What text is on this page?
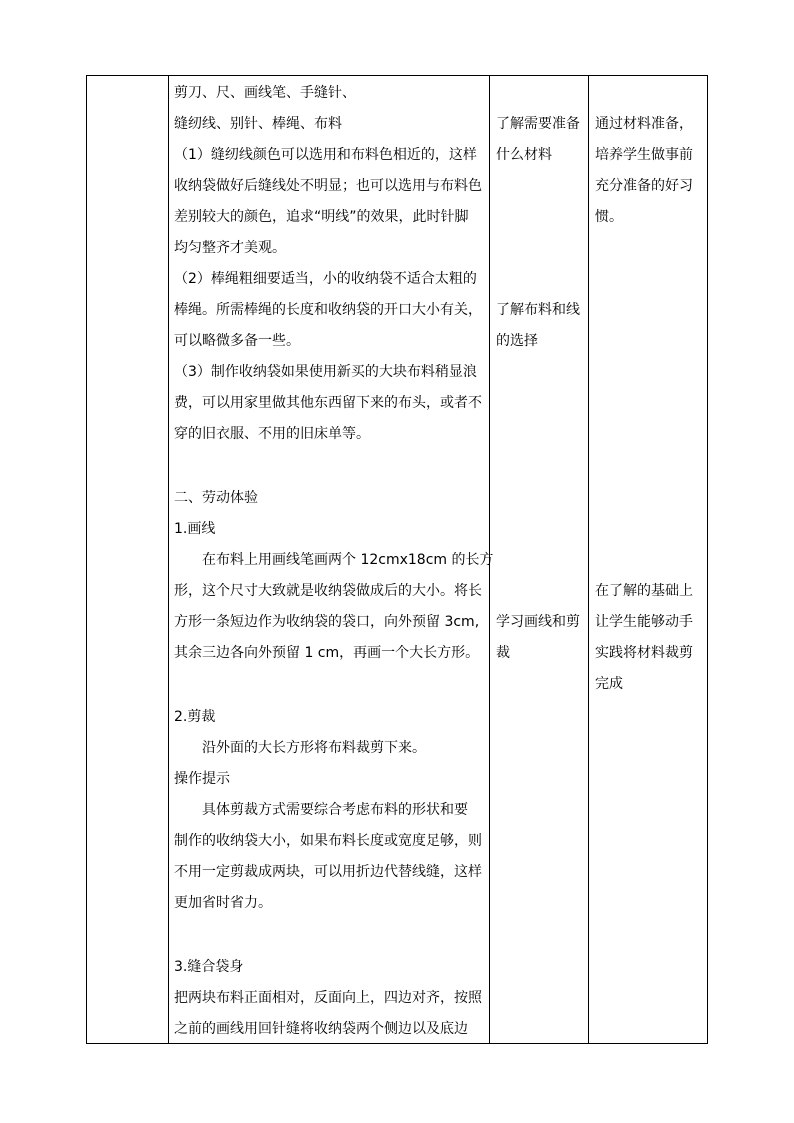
剪刀、尺、画线笔、手缝针、
缝纫线、别针、棒绳、布料
（1）缝纫线颜色可以选用和布料色相近的，这样
收纳袋做好后缝线处不明显；也可以选用与布料色
差别较大的颜色，追求“明线”的效果，此时针脚
均匀整齐才美观。
（2）棒绳粗细要适当，小的收纳袋不适合太粗的
棒绳。所需棒绳的长度和收纳袋的开口大小有关，
可以略微多备一些。
（3）制作收纳袋如果使用新买的大块布料稍显浪
费，可以用家里做其他东西留下来的布头，或者不
穿的旧衣服、不用的旧床单等。
二、劳动体验
1.画线
在布料上用画线笔画两个 12cmx18cm 的长方
形，这个尺寸大致就是收纳袋做成后的大小。将长
方形一条短边作为收纳袋的袋口，向外预留 3cm,
其余三边各向外预留 1 cm，再画一个大长方形。
2.剪裁
沿外面的大长方形将布料裁剪下来。
操作提示
具体剪裁方式需要综合考虑布料的形状和要
制作的收纳袋大小，如果布料长度或宽度足够，则
不用一定剪裁成两块，可以用折边代替线缝，这样
更加省时省力。
3.缝合袋身
把两块布料正面相对，反面向上，四边对齐，按照
之前的画线用回针缝将收纳袋两个侧边以及底边
了解需要准备
什么材料
了解布料和线
的选择
学习画线和剪
裁
通过材料准备，
培养学生做事前
充分准备的好习
惯。
在了解的基础上
让学生能够动手
实践将材料裁剪
完成
